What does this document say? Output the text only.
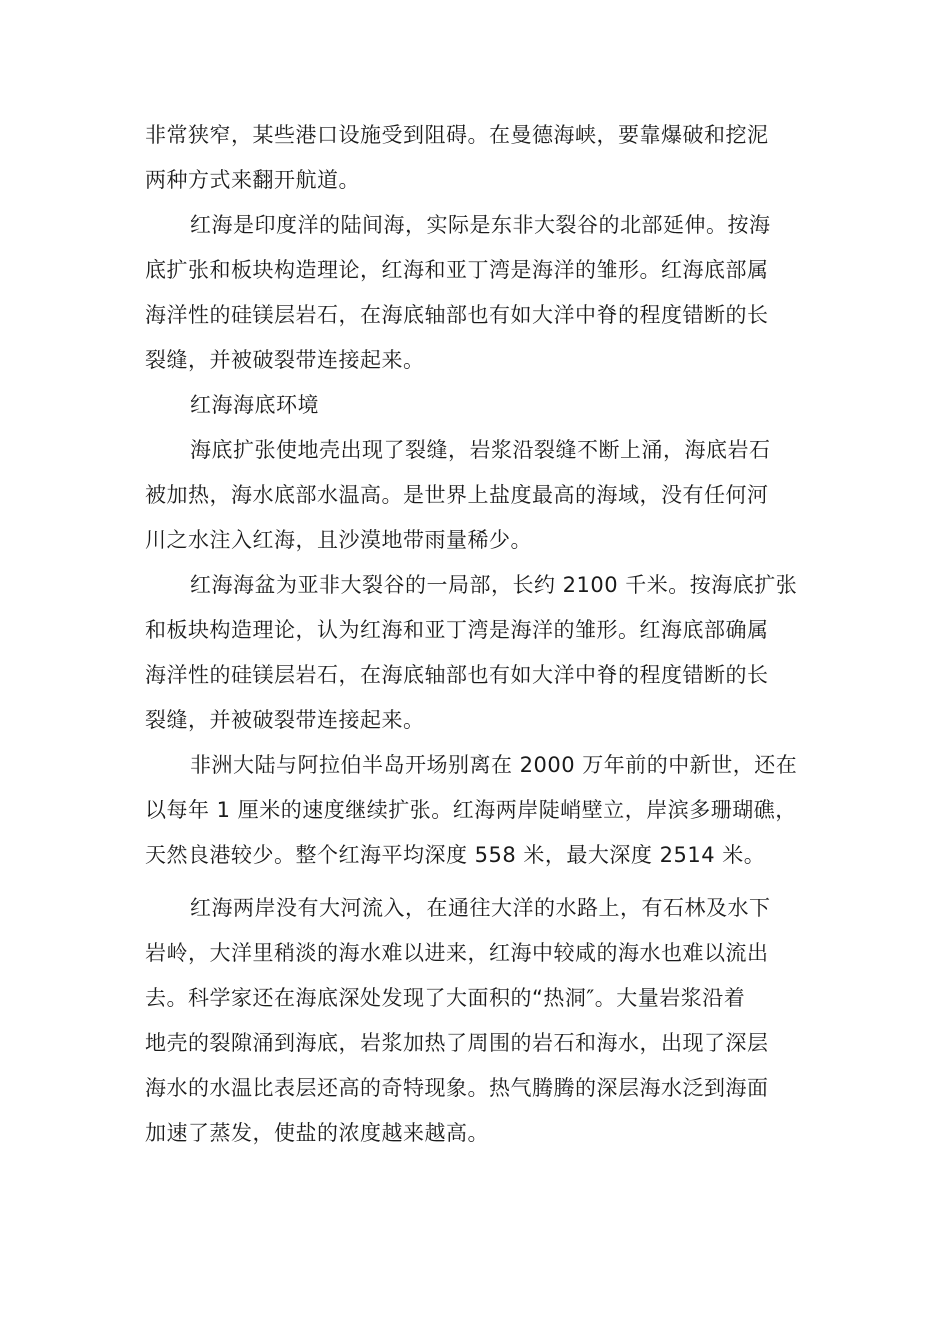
非常狭窄，某些港口设施受到阻碍。在曼德海峡，要靠爆破和挖泥
两种方式来翻开航道。
红海是印度洋的陆间海，实际是东非大裂谷的北部延伸。按海
底扩张和板块构造理论，红海和亚丁湾是海洋的雏形。红海底部属
海洋性的硅镁层岩石，在海底轴部也有如大洋中脊的程度错断的长
裂缝，并被破裂带连接起来。
红海海底环境
海底扩张使地壳出现了裂缝，岩浆沿裂缝不断上涌，海底岩石
被加热，海水底部水温高。是世界上盐度最高的海域，没有任何河
川之水注入红海，且沙漠地带雨量稀少。
红海海盆为亚非大裂谷的一局部，长约 2100 千米。按海底扩张
和板块构造理论，认为红海和亚丁湾是海洋的雏形。红海底部确属
海洋性的硅镁层岩石，在海底轴部也有如大洋中脊的程度错断的长
裂缝，并被破裂带连接起来。
非洲大陆与阿拉伯半岛开场别离在 2000 万年前的中新世，还在
以每年 1 厘米的速度继续扩张。红海两岸陡峭壁立，岸滨多珊瑚礁，
天然良港较少。整个红海平均深度 558 米，最大深度 2514 米。
红海两岸没有大河流入，在通往大洋的水路上，有石林及水下
岩岭，大洋里稍淡的海水难以进来，红海中较咸的海水也难以流出
去。科学家还在海底深处发现了大面积的“热洞″。大量岩浆沿着
地壳的裂隙涌到海底，岩浆加热了周围的岩石和海水，出现了深层
海水的水温比表层还高的奇特现象。热气腾腾的深层海水泛到海面
加速了蒸发，使盐的浓度越来越高。
